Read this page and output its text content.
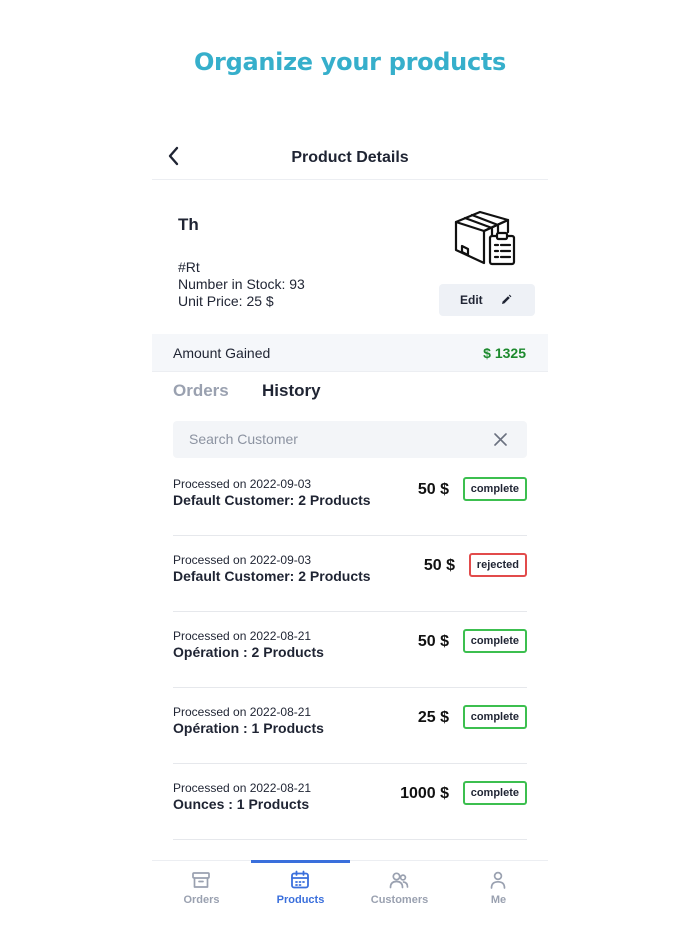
Organize your products
Product Details
Th
#Rt
Number in Stock: 93
Unit Price: 25 $	Edit
Amount Gained	$ 1325
Orders History
Search Customer
Processed on 2022-09-03
Default Customer: 2 Products
50 $	complete
Processed on 2022-09-03
Default Customer: 2 Products
50 $	rejected
Processed on 2022-08-21
Opération : 2 Products
50 $	complete
Processed on 2022-08-21
Opération : 1 Products
25 $	complete
Processed on 2022-08-21
Ounces : 1 Products
1000 $	complete
Orders	Products	Customers	Me
